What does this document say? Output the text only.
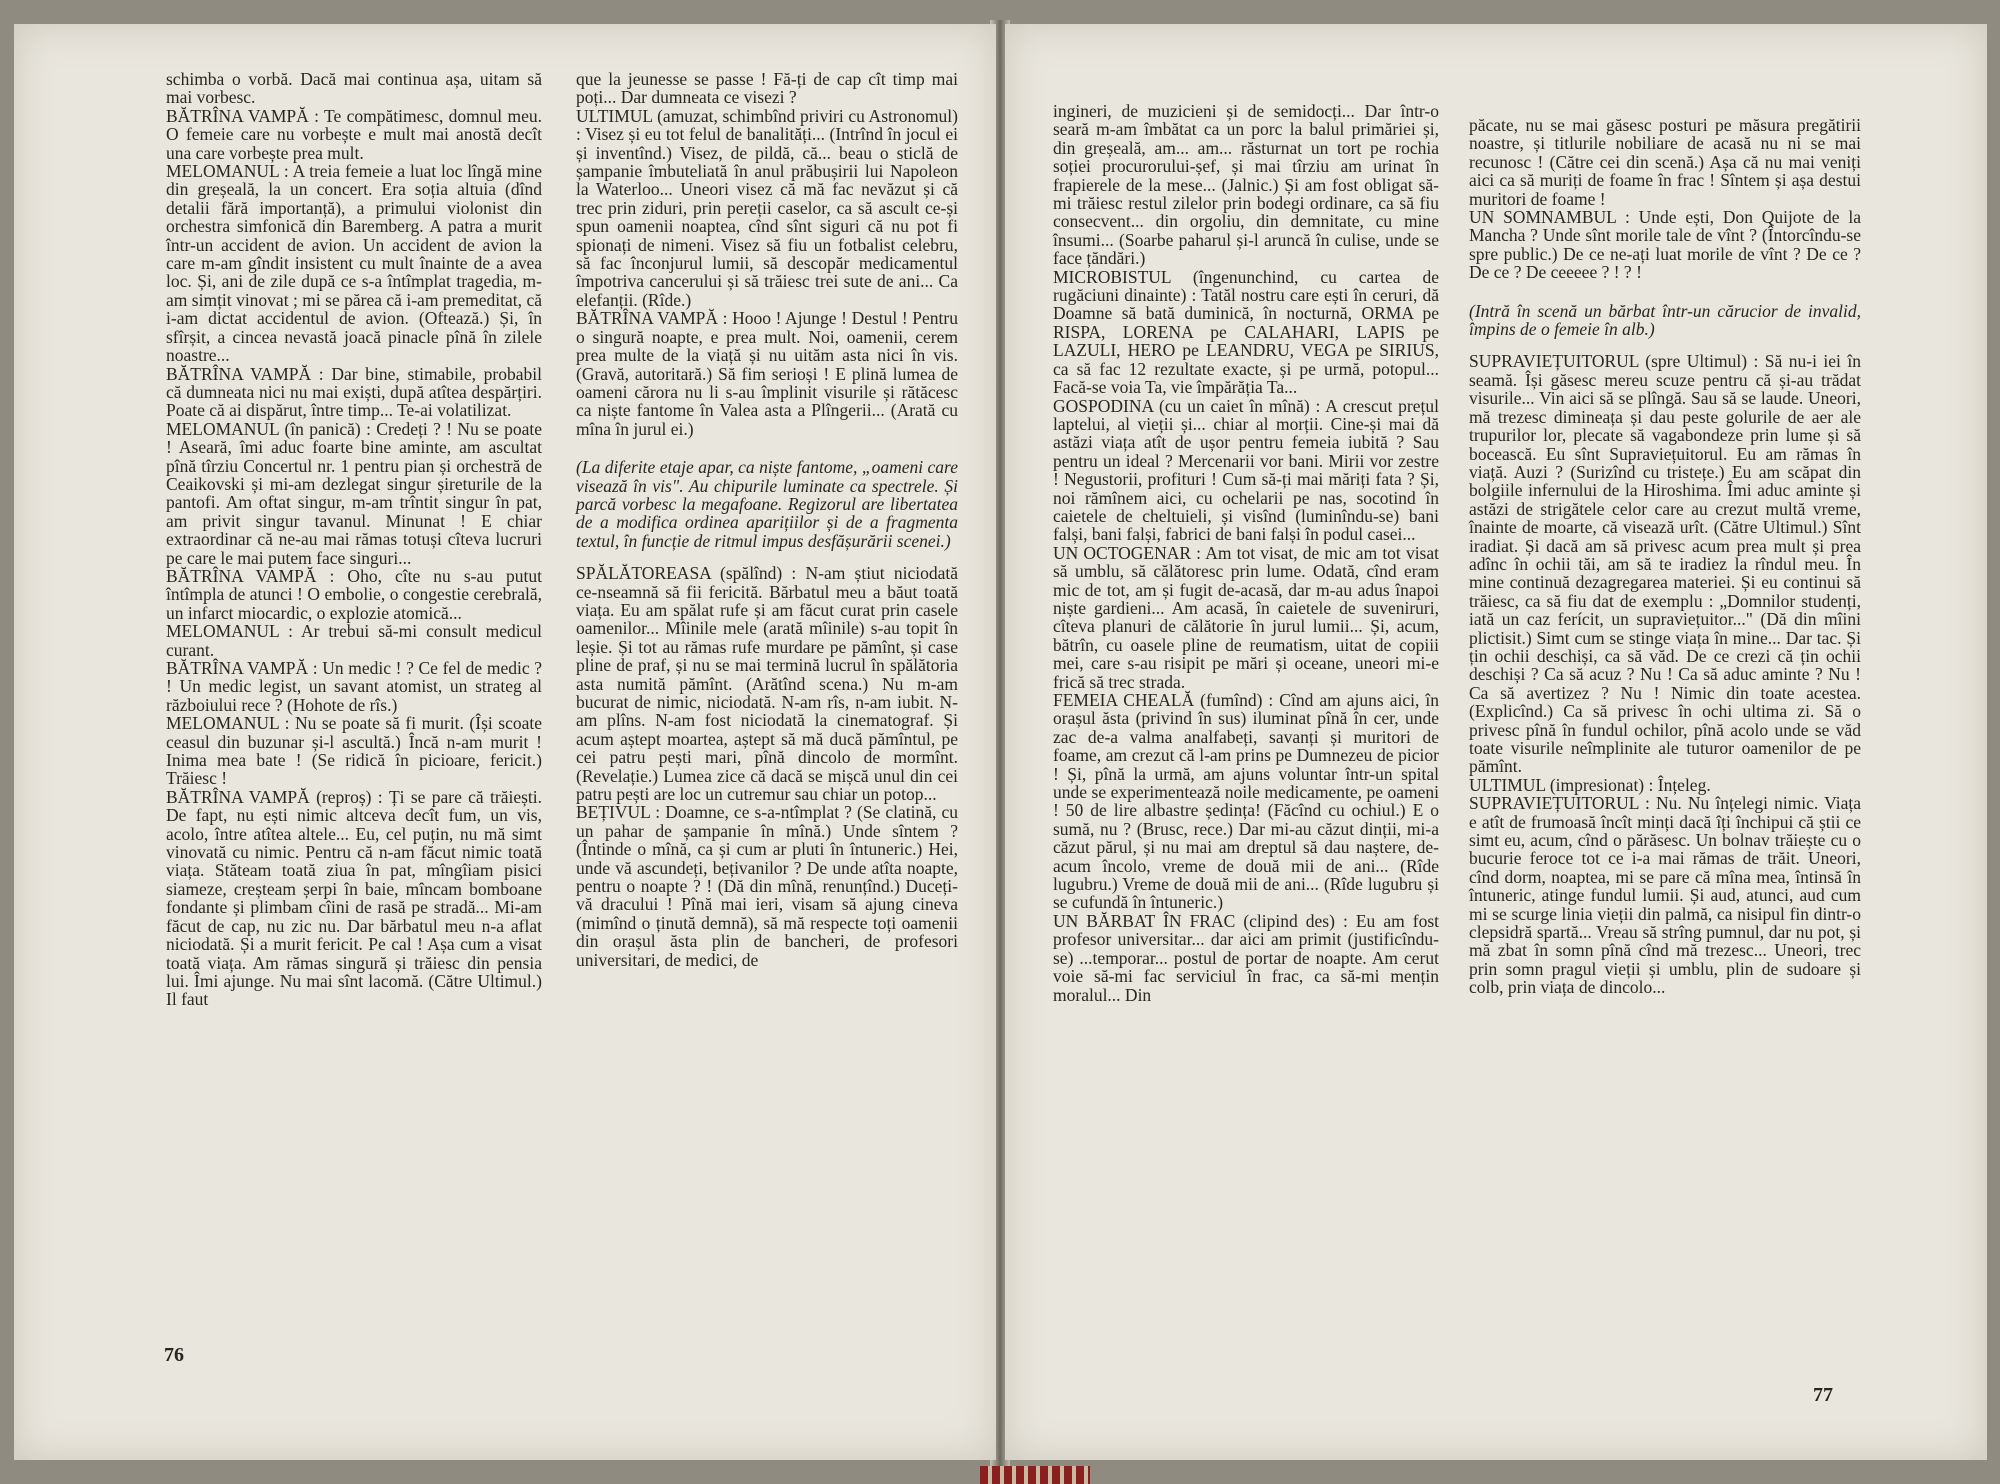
schimba o vorbă. Dacă mai continua așa, uitam să mai vorbesc.

BĂTRÎNA VAMPĂ : Te compătimesc, domnul meu. O femeie care nu vorbește e mult mai anostă decît una care vorbește prea mult.

MELOMANUL : A treia femeie a luat loc lîngă mine din greșeală, la un concert. Era soția altuia (dînd detalii fără importanță), a primului violonist din orchestra simfonică din Baremberg. A patra a murit într-un accident de avion. Un accident de avion la care m-am gîndit insistent cu mult înainte de a avea loc. Și, ani de zile după ce s-a întîmplat tragedia, m-am simțit vinovat ; mi se părea că i-am premeditat, că i-am dictat accidentul de avion. (Oftează.) Și, în sfîrșit, a cincea nevastă joacă pinacle pînă în zilele noastre...

BĂTRÎNA VAMPĂ : Dar bine, stimabile, probabil că dumneata nici nu mai exiști, după atîtea despărțiri. Poate că ai dispărut, între timp... Te-ai volatilizat.

MELOMANUL (în panică) : Credeți ? ! Nu se poate ! Aseară, îmi aduc foarte bine aminte, am ascultat pînă tîrziu Concertul nr. 1 pentru pian și orchestră de Ceaikovski și mi-am dezlegat singur șireturile de la pantofi. Am oftat singur, m-am trîntit singur în pat, am privit singur tavanul. Minunat ! E chiar extraordinar că ne-au mai rămas totuși cîteva lucruri pe care le mai putem face singuri...

BĂTRÎNA VAMPĂ : Oho, cîte nu s-au putut întîmpla de atunci ! O embolie, o congestie cerebrală, un infarct miocardic, o explozie atomică...

MELOMANUL : Ar trebui să-mi consult medicul curant.

BĂTRÎNA VAMPĂ : Un medic ! ? Ce fel de medic ? ! Un medic legist, un savant atomist, un strateg al războiului rece ? (Hohote de rîs.)

MELOMANUL : Nu se poate să fi murit. (Își scoate ceasul din buzunar și-l ascultă.) Încă n-am murit ! Inima mea bate ! (Se ridică în picioare, fericit.) Trăiesc !

BĂTRÎNA VAMPĂ (reproș) : Ți se pare că trăiești. De fapt, nu ești nimic altceva decît fum, un vis, acolo, între atîtea altele... Eu, cel puțin, nu mă simt vinovată cu nimic. Pentru că n-am făcut nimic toată viața. Stăteam toată ziua în pat, mîngîiam pisici siameze, creșteam șerpi în baie, mîncam bomboane fondante și plimbam cîini de rasă pe stradă... Mi-am făcut de cap, nu zic nu. Dar bărbatul meu n-a aflat niciodată. Și a murit fericit. Pe cal ! Așa cum a visat toată viața. Am rămas singură și trăiesc din pensia lui. Îmi ajunge. Nu mai sînt lacomă. (Către Ultimul.) Il faut

que la jeunesse se passe ! Fă-ți de cap cît timp mai poți... Dar dumneata ce visezi ?

ULTIMUL (amuzat, schimbînd priviri cu Astronomul) : Visez și eu tot felul de banalități... (Intrînd în jocul ei și inventînd.) Visez, de pildă, că... beau o sticlă de șampanie îmbuteliată în anul prăbușirii lui Napoleon la Waterloo... Uneori visez că mă fac nevăzut și că trec prin ziduri, prin pereții caselor, ca să ascult ce-și spun oamenii noaptea, cînd sînt siguri că nu pot fi spionați de nimeni. Visez să fiu un fotbalist celebru, să fac înconjurul lumii, să descopăr medicamentul împotriva cancerului și să trăiesc trei sute de ani... Ca elefanții. (Rîde.)

BĂTRÎNA VAMPĂ : Hooo ! Ajunge ! Destul ! Pentru o singură noapte, e prea mult. Noi, oamenii, cerem prea multe de la viață și nu uităm asta nici în vis. (Gravă, autoritară.) Să fim serioși ! E plină lumea de oameni cărora nu li s-au împlinit visurile și rătăcesc ca niște fantome în Valea asta a Plîngerii... (Arată cu mîna în jurul ei.)

(La diferite etaje apar, ca niște fantome, „oameni care visează în vis". Au chipurile luminate ca spectrele. Și parcă vorbesc la megafoane. Regizorul are libertatea de a modifica ordinea aparițiilor și de a fragmenta textul, în funcție de ritmul impus desfășurării scenei.)

SPĂLĂTOREASA (spălînd) : N-am știut niciodată ce-nseamnă să fii fericită. Bărbatul meu a băut toată viața. Eu am spălat rufe și am făcut curat prin casele oamenilor... Mîinile mele (arată mîinile) s-au topit în leșie. Și tot au rămas rufe murdare pe pămînt, și case pline de praf, și nu se mai termină lucrul în spălătoria asta numită pămînt. (Arătînd scena.) Nu m-am bucurat de nimic, niciodată. N-am rîs, n-am iubit. N-am plîns. N-am fost niciodată la cinematograf. Și acum aștept moartea, aștept să mă ducă pămîntul, pe cei patru pești mari, pînă dincolo de mormînt. (Revelație.) Lumea zice că dacă se mișcă unul din cei patru pești are loc un cutremur sau chiar un potop...

BEȚIVUL : Doamne, ce s-a-ntîmplat ? (Se clatină, cu un pahar de șampanie în mînă.) Unde sîntem ? (Întinde o mînă, ca și cum ar pluti în întuneric.) Hei, unde vă ascundeți, bețivanilor ? De unde atîta noapte, pentru o noapte ? ! (Dă din mînă, renunțînd.) Duceți-vă dracului ! Pînă mai ieri, visam să ajung cineva (mimînd o ținută demnă), să mă respecte toți oamenii din orașul ăsta plin de bancheri, de profesori universitari, de medici, de

76

ingineri, de muzicieni și de semidocți... Dar într-o seară m-am îmbătat ca un porc la balul primăriei și, din greșeală, am... am... răsturnat un tort pe rochia soției procurorului-șef, și mai tîrziu am urinat în frapierele de la mese... (Jalnic.) Și am fost obligat să-mi trăiesc restul zilelor prin bodegi ordinare, ca să fiu consecvent... din orgoliu, din demnitate, cu mine însumi... (Soarbe paharul și-l aruncă în culise, unde se face țăndări.)

MICROBISTUL (îngenunchind, cu cartea de rugăciuni dinainte) : Tatăl nostru care ești în ceruri, dă Doamne să bată duminică, în nocturnă, ORMA pe RISPA, LORENA pe CALAHARI, LAPIS pe LAZULI, HERO pe LEANDRU, VEGA pe SIRIUS, ca să fac 12 rezultate exacte, și pe urmă, potopul... Facă-se voia Ta, vie împărăția Ta...

GOSPODINA (cu un caiet în mînă) : A crescut prețul laptelui, al vieții și... chiar al morții. Cine-și mai dă astăzi viața atît de ușor pentru femeia iubită ? Sau pentru un ideal ? Mercenarii vor bani. Mirii vor zestre ! Negustorii, profituri ! Cum să-ți mai măriți fata ? Și, noi rămînem aici, cu ochelarii pe nas, socotind în caietele de cheltuieli, și visînd (luminîndu-se) bani falși, bani falși, fabrici de bani falși în podul casei...

UN OCTOGENAR : Am tot visat, de mic am tot visat să umblu, să călătoresc prin lume. Odată, cînd eram mic de tot, am și fugit de-acasă, dar m-au adus înapoi niște gardieni... Am acasă, în caietele de suveniruri, cîteva planuri de călătorie în jurul lumii... Și, acum, bătrîn, cu oasele pline de reumatism, uitat de copiii mei, care s-au risipit pe mări și oceane, uneori mi-e frică să trec strada.

FEMEIA CHEALĂ (fumînd) : Cînd am ajuns aici, în orașul ăsta (privind în sus) iluminat pînă în cer, unde zac de-a valma analfabeți, savanți și muritori de foame, am crezut că l-am prins pe Dumnezeu de picior ! Și, pînă la urmă, am ajuns voluntar într-un spital unde se experimentează noile medicamente, pe oameni ! 50 de lire albastre ședința! (Făcînd cu ochiul.) E o sumă, nu ? (Brusc, rece.) Dar mi-au căzut dinții, mi-a căzut părul, și nu mai am dreptul să dau naștere, de-acum încolo, vreme de două mii de ani... (Rîde lugubru.) Vreme de două mii de ani... (Rîde lugubru și se cufundă în întuneric.)

UN BĂRBAT ÎN FRAC (clipind des) : Eu am fost profesor universitar... dar aici am primit (justificîndu-se) ...temporar... postul de portar de noapte. Am cerut voie să-mi fac serviciul în frac, ca să-mi mențin moralul... Din

păcate, nu se mai găsesc posturi pe măsura pregătirii noastre, și titlurile nobiliare de acasă nu ni se mai recunosc ! (Către cei din scenă.) Așa că nu mai veniți aici ca să muriți de foame în frac ! Sîntem și așa destui muritori de foame !

UN SOMNAMBUL : Unde ești, Don Quijote de la Mancha ? Unde sînt morile tale de vînt ? (Întorcîndu-se spre public.) De ce ne-ați luat morile de vînt ? De ce ? De ce ? De ceeeee ? ! ? !

(Intră în scenă un bărbat într-un cărucior de invalid, împins de o femeie în alb.)

SUPRAVIEȚUITORUL (spre Ultimul) : Să nu-i iei în seamă. Își găsesc mereu scuze pentru că și-au trădat visurile... Vin aici să se plîngă. Sau să se laude. Uneori, mă trezesc dimineața și dau peste golurile de aer ale trupurilor lor, plecate să vagabondeze prin lume și să bocească. Eu sînt Supraviețuitorul. Eu am rămas în viață. Auzi ? (Surizînd cu tristețe.) Eu am scăpat din bolgiile infernului de la Hiroshima. Îmi aduc aminte și astăzi de strigătele celor care au crezut multă vreme, înainte de moarte, că visează urît. (Către Ultimul.) Sînt iradiat. Și dacă am să privesc acum prea mult și prea adînc în ochii tăi, am să te iradiez la rîndul meu. În mine continuă dezagregarea materiei. Și eu continui să trăiesc, ca să fiu dat de exemplu : „Domnilor studenți, iată un caz ferícit, un supraviețuitor..." (Dă din mîini plictisit.) Simt cum se stinge viața în mine... Dar tac. Și țin ochii deschiși, ca să văd. De ce crezi că țin ochii deschiși ? Ca să acuz ? Nu ! Ca să aduc aminte ? Nu ! Ca să avertizez ? Nu ! Nimic din toate acestea. (Explicînd.) Ca să privesc în ochi ultima zi. Să o privesc pînă în fundul ochilor, pînă acolo unde se văd toate visurile neîmplinite ale tuturor oamenilor de pe pămînt.

ULTIMUL (impresionat) : Înțeleg.

SUPRAVIEȚUITORUL : Nu. Nu înțelegi nimic. Viața e atît de frumoasă încît minți dacă îți închipui că știi ce simt eu, acum, cînd o părăsesc. Un bolnav trăiește cu o bucurie feroce tot ce i-a mai rămas de trăit. Uneori, cînd dorm, noaptea, mi se pare că mîna mea, întinsă în întuneric, atinge fundul lumii. Și aud, atunci, aud cum mi se scurge linia vieții din palmă, ca nisipul fin dintr-o clepsidră spartă... Vreau să strîng pumnul, dar nu pot, și mă zbat în somn pînă cînd mă trezesc... Uneori, trec prin somn pragul vieții și umblu, plin de sudoare și colb, prin viața de dincolo...

77
